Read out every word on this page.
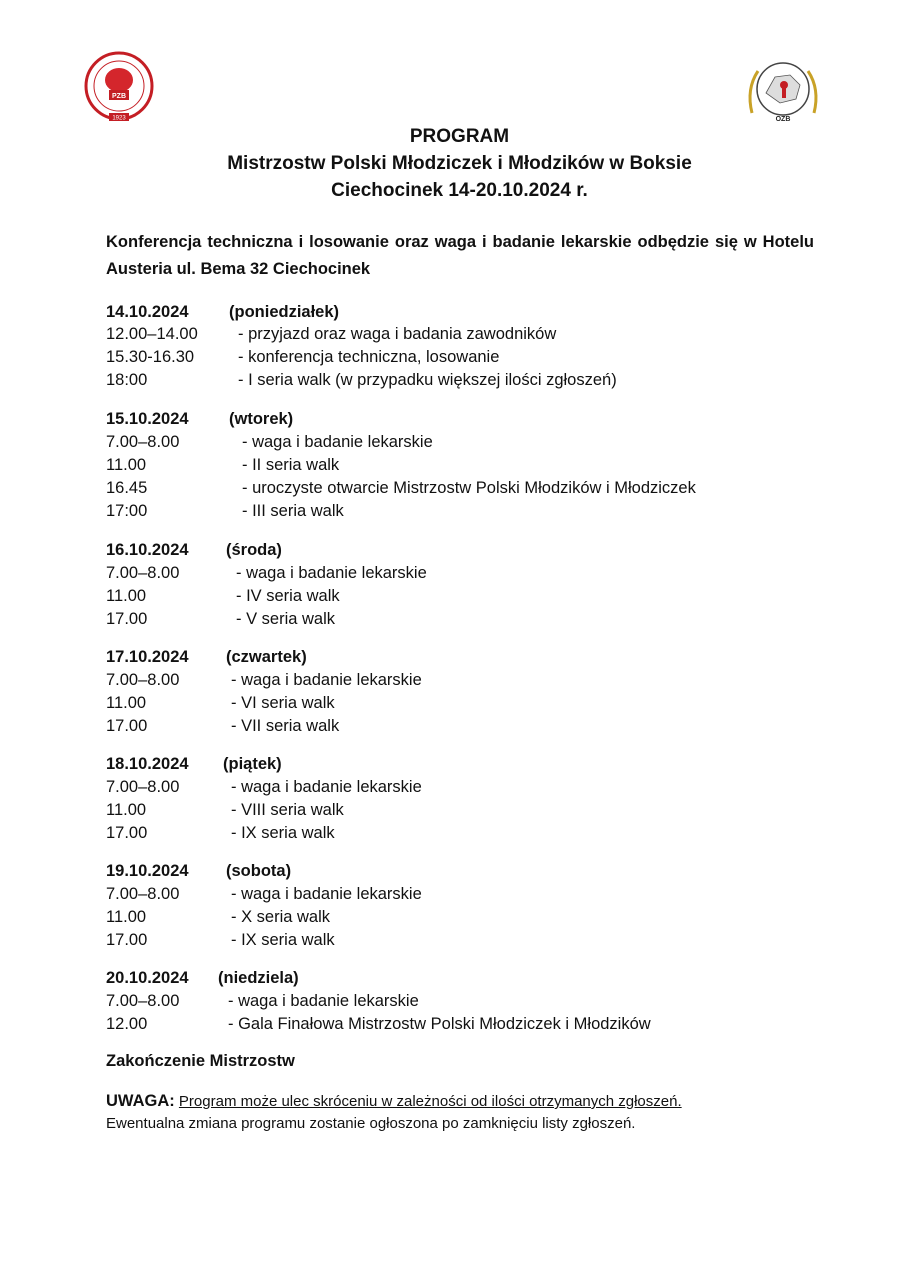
PZB
1923	OZB
PROGRAM
Mistrzostw Polski Młodziczek i Młodzików w Boksie
Ciechocinek 14-20.10.2024 r.
Konferencja techniczna i losowanie oraz waga i badanie lekarskie odbędzie się w Hotelu Austeria ul. Bema 32 Ciechocinek
14.10.2024 (poniedziałek)
12.00–14.00 - przyjazd oraz waga i badania zawodników
15.30-16.30	- konferencja techniczna, losowanie
18:00	- I seria walk (w przypadku większej ilości zgłoszeń)
15.10.2024 (wtorek)
7.00–8.00	- waga i badanie lekarskie
11.00	- II seria walk
16.45	- uroczyste otwarcie Mistrzostw Polski Młodzików i Młodziczek
17:00	- III seria walk
16.10.2024 (środa)
7.00–8.00	- waga i badanie lekarskie
11.00	- IV seria walk
17.00	- V seria walk
17.10.2024 (czwartek)
7.00–8.00	- waga i badanie lekarskie
11.00	- VI seria walk
17.00	- VII seria walk
18.10.2024 (piątek)
7.00–8.00	- waga i badanie lekarskie
11.00	- VIII seria walk
17.00	- IX seria walk
19.10.2024 (sobota)
7.00–8.00	- waga i badanie lekarskie
11.00	- X seria walk
17.00	- IX seria walk
20.10.2024 (niedziela)
7.00–8.00	- waga i badanie lekarskie
12.00	- Gala Finałowa Mistrzostw Polski Młodziczek i Młodzików
Zakończenie Mistrzostw
UWAGA: Program może ulec skróceniu w zależności od ilości otrzymanych zgłoszeń.
Ewentualna zmiana programu zostanie ogłoszona po zamknięciu listy zgłoszeń.
